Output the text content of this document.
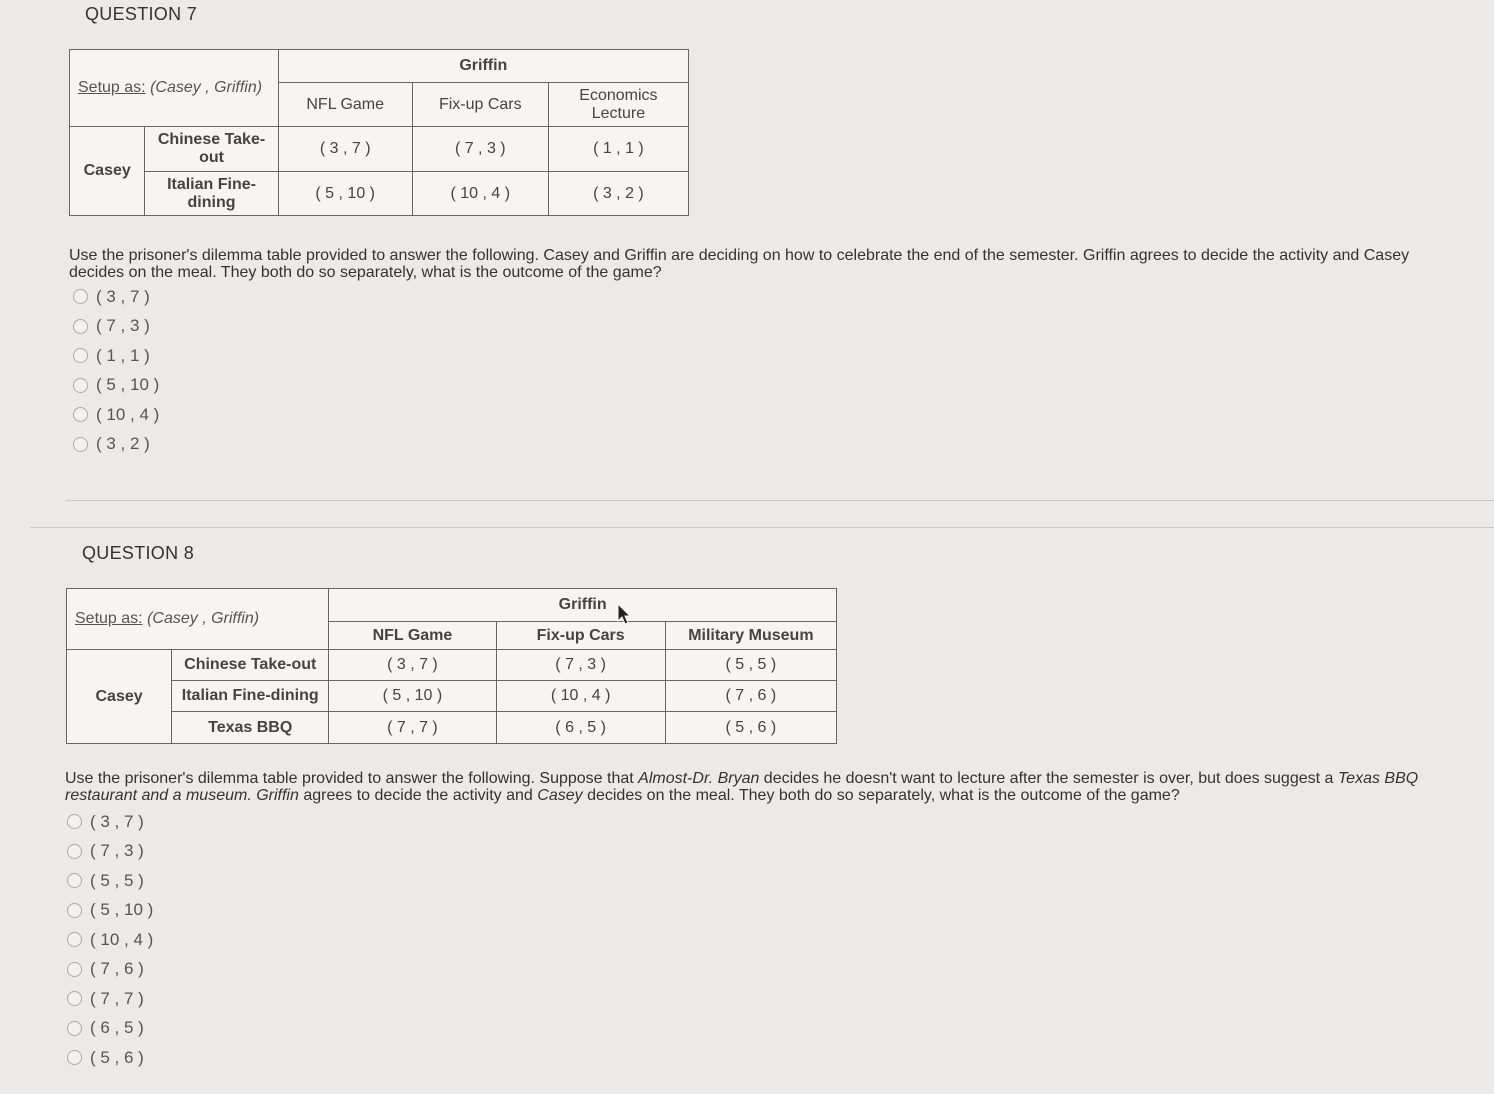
QUESTION 7
Setup as: (Casey , Griffin)		Griffin		
		NFL Game	Fix-up Cars	Economics Lecture
Casey	Chinese Take-out	( 3 , 7 )	( 7 , 3 )	( 1 , 1 )
	Italian Fine-dining	( 5 , 10 )	( 10 , 4 )	( 3 , 2 )
Use the prisoner's dilemma table provided to answer the following. Casey and Griffin are deciding on how to celebrate the end of the semester. Griffin agrees to decide the activity and Casey decides on the meal. They both do so separately, what is the outcome of the game?
( 3 , 7 )
( 7 , 3 )
( 1 , 1 )
( 5 , 10 )
( 10 , 4 )
( 3 , 2 )
QUESTION 8
Setup as: (Casey , Griffin)		Griffin		
		NFL Game	Fix-up Cars	Military Museum
Casey	Chinese Take-out	( 3 , 7 )	( 7 , 3 )	( 5 , 5 )
	Italian Fine-dining	( 5 , 10 )	( 10 , 4 )	( 7 , 6 )
	Texas BBQ	( 7 , 7 )	( 6 , 5 )	( 5 , 6 )
Use the prisoner's dilemma table provided to answer the following. Suppose that Almost-Dr. Bryan decides he doesn't want to lecture after the semester is over, but does suggest a Texas BBQ restaurant and a museum. Griffin agrees to decide the activity and Casey decides on the meal. They both do so separately, what is the outcome of the game?
( 3 , 7 )
( 7 , 3 )
( 5 , 5 )
( 5 , 10 )
( 10 , 4 )
( 7 , 6 )
( 7 , 7 )
( 6 , 5 )
( 5 , 6 )
